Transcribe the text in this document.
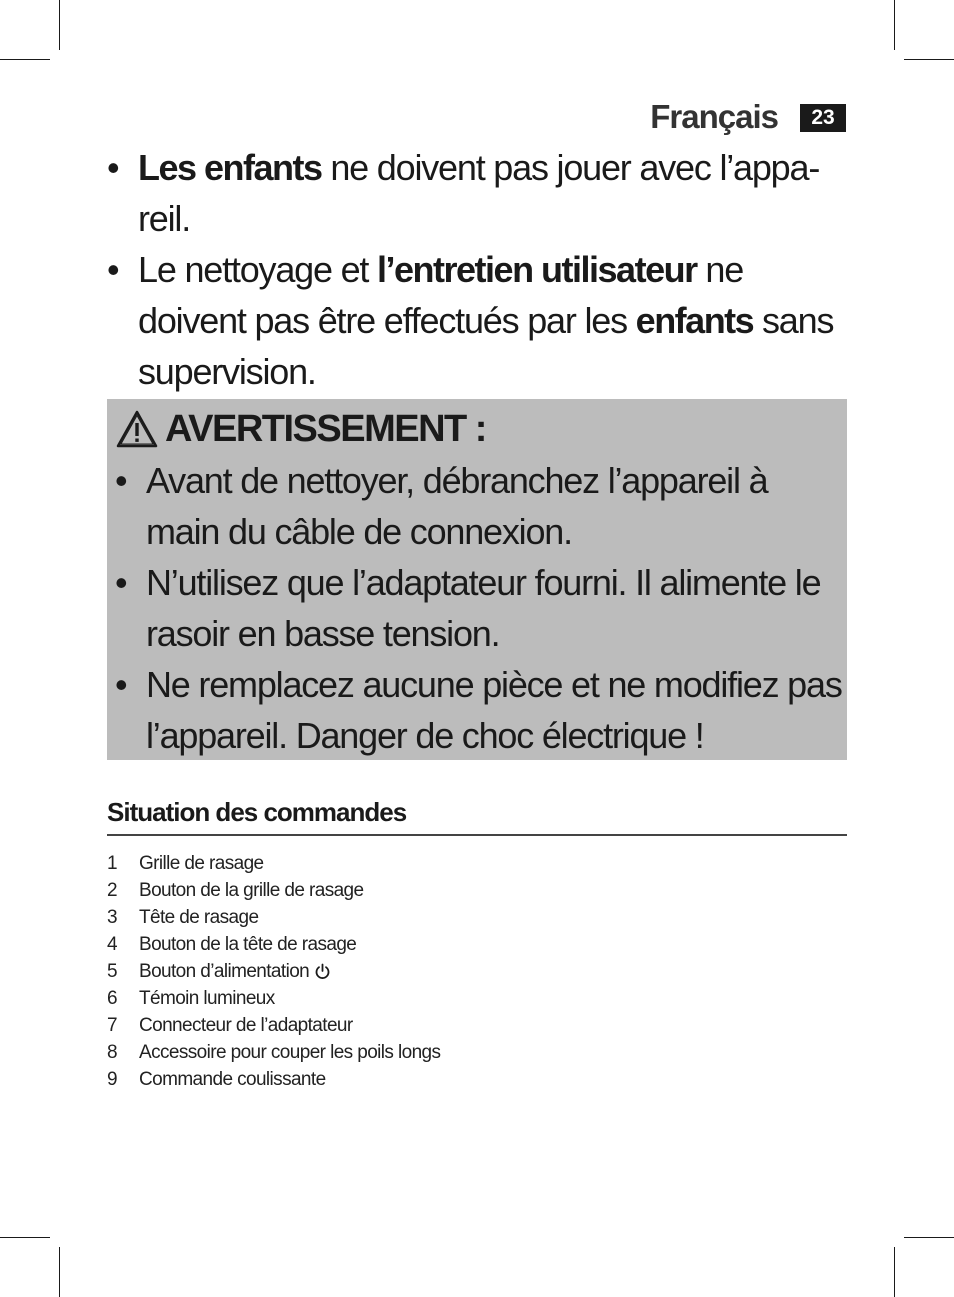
Français	23
• Les enfants ne doivent pas jouer avec l’appa-reil.
• Le nettoyage et l’entretien utilisateur ne doivent pas être effectués par les enfants sans supervision.
AVERTISSEMENT :
• Avant de nettoyer, débranchez l’appareil à main du câble de connexion.
• N’utilisez que l’adaptateur fourni. Il alimente le rasoir en basse tension.
• Ne remplacez aucune pièce et ne modifiez pas l’appareil. Danger de choc électrique !
Situation des commandes
1	Grille de rasage
2	Bouton de la grille de rasage
3	Tête de rasage
4	Bouton de la tête de rasage
5	Bouton d’alimentation
6	Témoin lumineux
7	Connecteur de l’adaptateur
8	Accessoire pour couper les poils longs
9	Commande coulissante
